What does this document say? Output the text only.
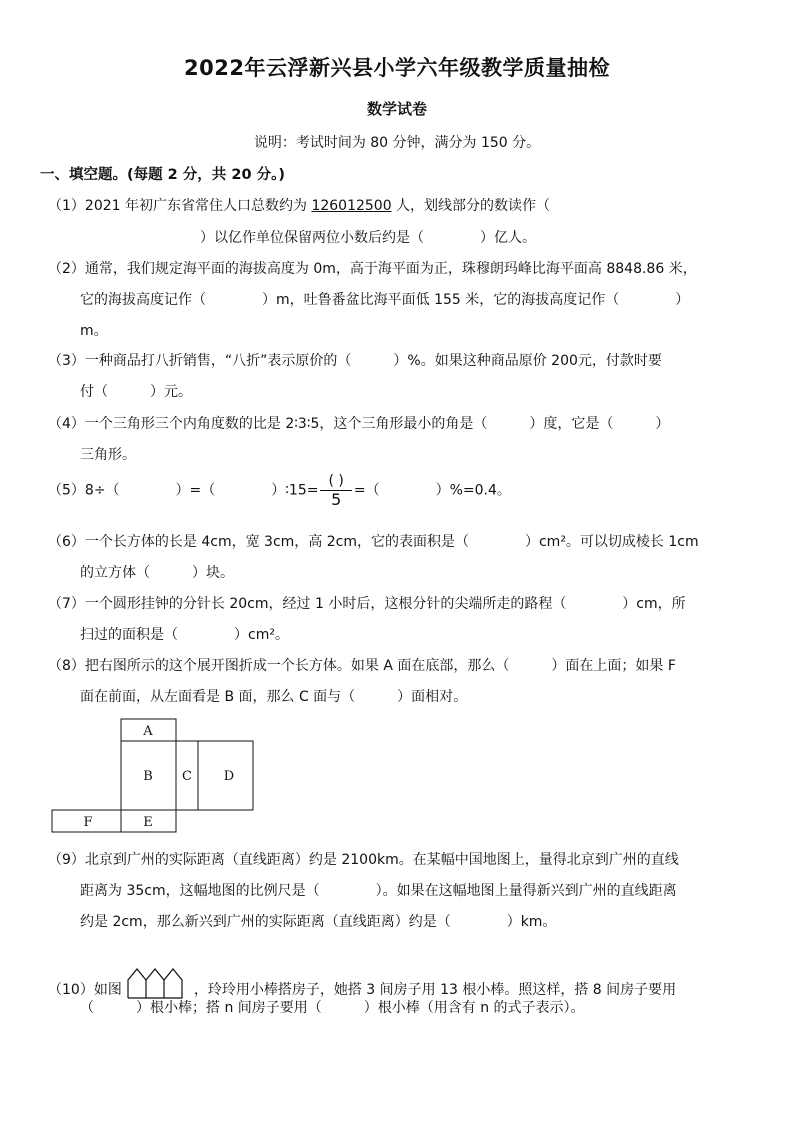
2022年云浮新兴县小学六年级教学质量抽检
数学试卷
说明：考试时间为 80 分钟，满分为 150 分。
一、填空题。(每题 2 分，共 20 分。)
（1）2021 年初广东省常住人口总数约为 126012500 人，划线部分的数读作（
）以亿作单位保留两位小数后约是（　　　　）亿人。
（2）通常，我们规定海平面的海拔高度为 0m，高于海平面为正，珠穆朗玛峰比海平面高 8848.86 米，
它的海拔高度记作（　　　　）m，吐鲁番盆比海平面低 155 米，它的海拔高度记作（　　　　）
m。
（3）一种商品打八折销售，“八折”表示原价的（　　　）%。如果这种商品原价 200元，付款时要
付（　　　）元。
（4）一个三角形三个内角度数的比是 2∶3∶5，这个三角形最小的角是（　　　）度，它是（　　　）
三角形。
（5）8÷（　　　　）=（　　　　）∶15= $\frac{( )}{5}$ =（　　　　）%=0.4。
（6）一个长方体的长是 4cm，宽 3cm，高 2cm，它的表面积是（　　　　）cm²。可以切成棱长 1cm
的立方体（　　　）块。
（7）一个圆形挂钟的分针长 20cm，经过 1 小时后，这根分针的尖端所走的路程（　　　　）cm，所
扫过的面积是（　　　　）cm²。
（8）把右图所示的这个展开图折成一个长方体。如果 A 面在底部，那么（　　　）面在上面；如果 F
面在前面，从左面看是 B 面，那么 C 面与（　　　）面相对。
A
B C D
F	E
（9）北京到广州的实际距离（直线距离）约是 2100km。在某幅中国地图上，量得北京到广州的直线
距离为 35cm，这幅地图的比例尺是（　　　　）。如果在这幅地图上量得新兴到广州的直线距离
约是 2cm，那么新兴到广州的实际距离（直线距离）约是（　　　　）km。
（10）如图	，玲玲用小棒搭房子，她搭 3 间房子用 13 根小棒。照这样，搭 8 间房子要用
（　　　）根小棒；搭 n 间房子要用（　　　）根小棒（用含有 n 的式子表示）。
